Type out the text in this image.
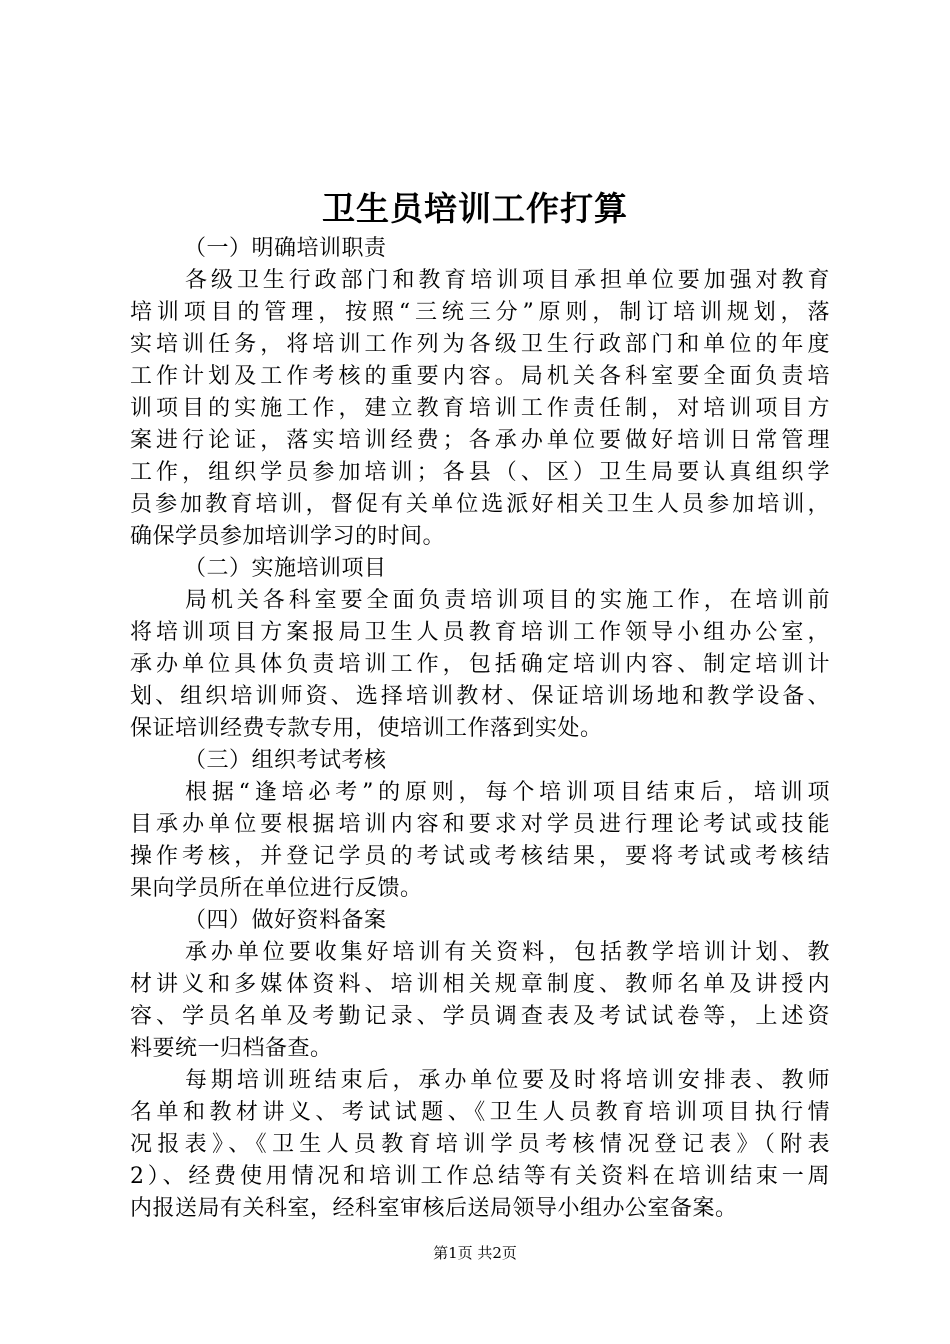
卫生员培训工作打算
（一）明确培训职责
各级卫生行政部门和教育培训项目承担单位要加强对教育
培训项目的管理，按照“三统三分”原则，制订培训规划，落
实培训任务，将培训工作列为各级卫生行政部门和单位的年度
工作计划及工作考核的重要内容。局机关各科室要全面负责培
训项目的实施工作，建立教育培训工作责任制，对培训项目方
案进行论证，落实培训经费；各承办单位要做好培训日常管理
工作，组织学员参加培训；各县（、区）卫生局要认真组织学
员参加教育培训，督促有关单位选派好相关卫生人员参加培训，
确保学员参加培训学习的时间。
（二）实施培训项目
局机关各科室要全面负责培训项目的实施工作，在培训前
将培训项目方案报局卫生人员教育培训工作领导小组办公室，
承办单位具体负责培训工作，包括确定培训内容、制定培训计
划、组织培训师资、选择培训教材、保证培训场地和教学设备、
保证培训经费专款专用，使培训工作落到实处。
（三）组织考试考核
根据“逢培必考”的原则，每个培训项目结束后，培训项
目承办单位要根据培训内容和要求对学员进行理论考试或技能
操作考核，并登记学员的考试或考核结果，要将考试或考核结
果向学员所在单位进行反馈。
（四）做好资料备案
承办单位要收集好培训有关资料，包括教学培训计划、教
材讲义和多媒体资料、培训相关规章制度、教师名单及讲授内
容、学员名单及考勤记录、学员调查表及考试试卷等，上述资
料要统一归档备查。
每期培训班结束后，承办单位要及时将培训安排表、教师
名单和教材讲义、考试试题、《卫生人员教育培训项目执行情
况报表》、《卫生人员教育培训学员考核情况登记表》（附表
2）、经费使用情况和培训工作总结等有关资料在培训结束一周
内报送局有关科室，经科室审核后送局领导小组办公室备案。
第1页 共2页
